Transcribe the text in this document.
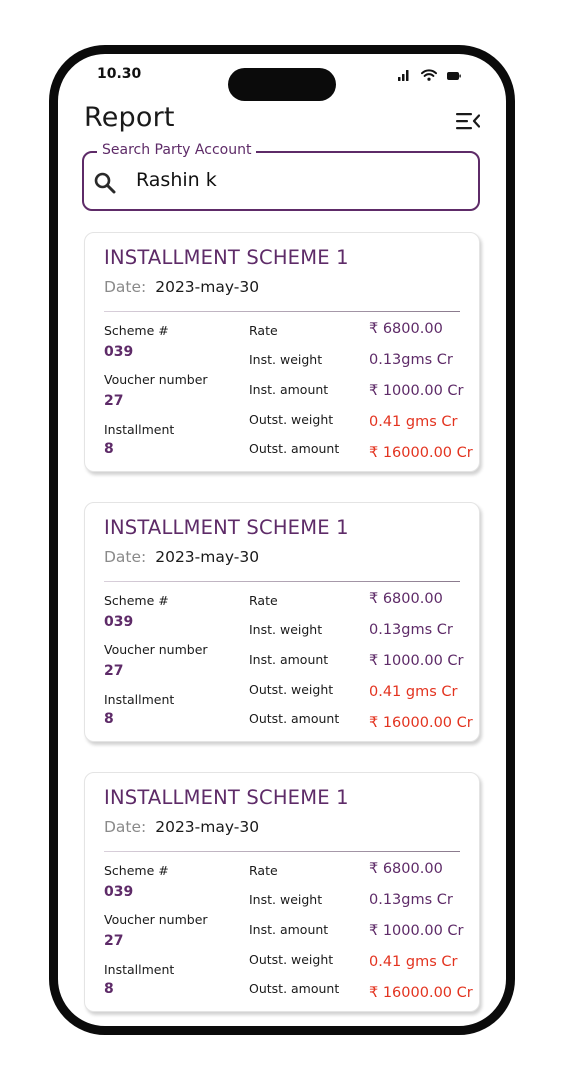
10.30
Report
Search Party Account
Rashin k
INSTALLMENT SCHEME 1
Date: 2023-may-30
Scheme #
039
Voucher number
27
Installment
8
Rate
Inst. weight
Inst. amount
Outst. weight
Outst. amount
₹ 6800.00
0.13gms Cr
₹ 1000.00 Cr
0.41 gms Cr
₹ 16000.00 Cr
INSTALLMENT SCHEME 1
Date: 2023-may-30
Scheme #
039
Voucher number
27
Installment
8
Rate
Inst. weight
Inst. amount
Outst. weight
Outst. amount
₹ 6800.00
0.13gms Cr
₹ 1000.00 Cr
0.41 gms Cr
₹ 16000.00 Cr
INSTALLMENT SCHEME 1
Date: 2023-may-30
Scheme #
039
Voucher number
27
Installment
8
Rate
Inst. weight
Inst. amount
Outst. weight
Outst. amount
₹ 6800.00
0.13gms Cr
₹ 1000.00 Cr
0.41 gms Cr
₹ 16000.00 Cr
